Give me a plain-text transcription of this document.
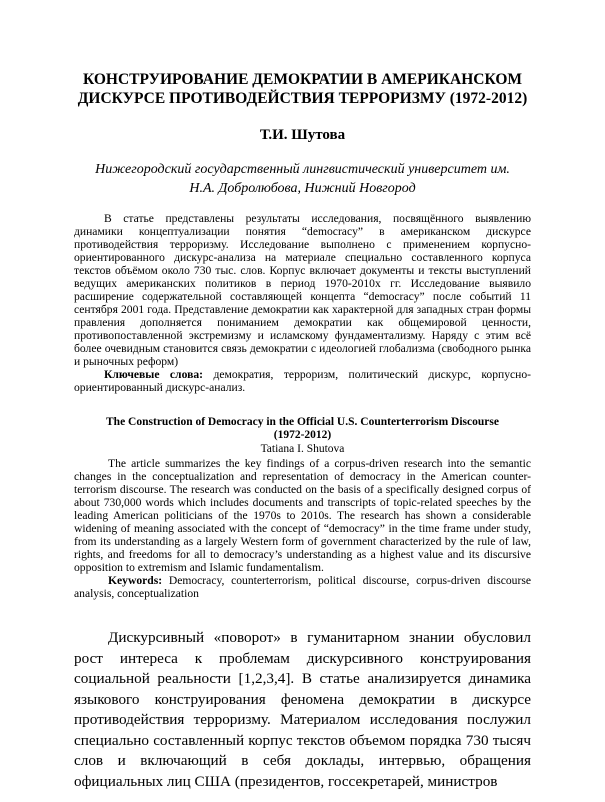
КОНСТРУИРОВАНИЕ ДЕМОКРАТИИ В АМЕРИКАНСКОМ
ДИСКУРСЕ ПРОТИВОДЕЙСТВИЯ ТЕРРОРИЗМУ (1972-2012)
Т.И. Шутова
Нижегородский государственный лингвистический университет им.
Н.А. Добролюбова, Нижний Новгород

В статье представлены результаты исследования, посвящённого выявлению динамики концептуализации понятия “democracy” в американском дискурсе противодействия терроризму. Исследование выполнено с применением корпусно-ориентированного дискурс-анализа на материале специально составленного корпуса текстов объёмом около 730 тыс. слов. Корпус включает документы и тексты выступлений ведущих американских политиков в период 1970-2010х гг. Исследование выявило расширение содержательной составляющей концепта “democracy” после событий 11 сентября 2001 года. Представление демократии как характерной для западных стран формы правления дополняется пониманием демократии как общемировой ценности, противопоставленной экстремизму и исламскому фундаментализму. Наряду с этим всё более очевидным становится связь демократии с идеологией глобализма (свободного рынка и рыночных реформ)

Ключевые слова: демократия, терроризм, политический дискурс, корпусно-ориентированный дискурс-анализ.

The Construction of Democracy in the Official U.S. Counterterrorism Discourse
(1972-2012)
Tatiana I. Shutova

The article summarizes the key findings of a corpus-driven research into the semantic changes in the conceptualization and representation of democracy in the American counter-terrorism discourse. The research was conducted on the basis of a specifically designed corpus of about 730,000 words which includes documents and transcripts of topic-related speeches by the leading American politicians of the 1970s to 2010s. The research has shown a considerable widening of meaning associated with the concept of “democracy” in the time frame under study, from its understanding as a largely Western form of government characterized by the rule of law, rights, and freedoms for all to democracy’s understanding as a highest value and its discursive opposition to extremism and Islamic fundamentalism.

Keywords: Democracy, counterterrorism, political discourse, corpus-driven discourse analysis, conceptualization

Дискурсивный «поворот» в гуманитарном знании обусловил рост интереса к проблемам дискурсивного конструирования социальной реальности [1,2,3,4]. В статье анализируется динамика языкового конструирования феномена демократии в дискурсе противодействия терроризму. Материалом исследования послужил специально составленный корпус текстов объемом порядка 730 тысяч слов и включающий в себя доклады, интервью, обращения официальных лиц США (президентов, госсекретарей, министров
